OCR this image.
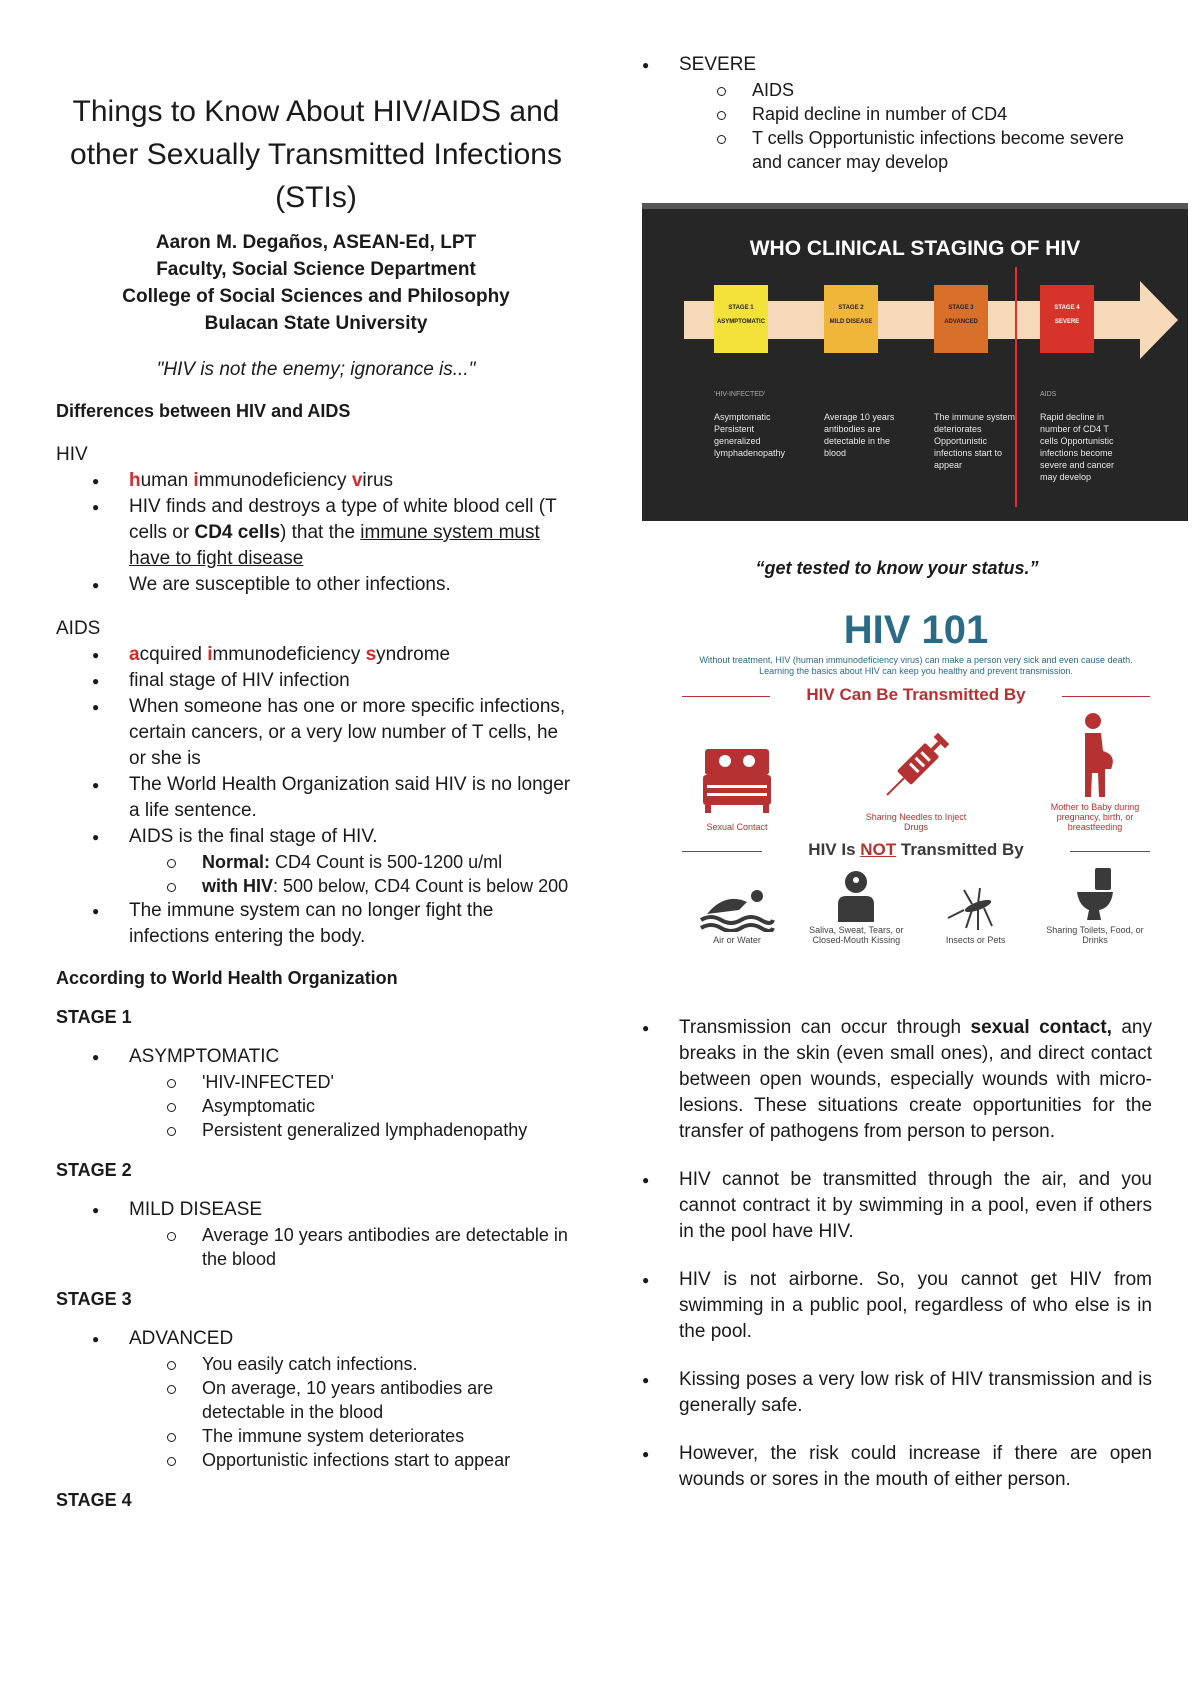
Things to Know About HIV/AIDS and other Sexually Transmitted Infections (STIs)
Aaron M. Degaños, ASEAN-Ed, LPT
Faculty, Social Science Department
College of Social Sciences and Philosophy
Bulacan State University
"HIV is not the enemy; ignorance is..."
Differences between HIV and AIDS

HIV

● human immunodeficiency virus
● HIV finds and destroys a type of white blood cell (T cells or CD4 cells) that the immune system must have to fight disease
● We are susceptible to other infections.

AIDS

● acquired immunodeficiency syndrome
● final stage of HIV infection
● When someone has one or more specific infections, certain cancers, or a very low number of T cells, he or she is
● The World Health Organization said HIV is no longer a life sentence.
● AIDS is the final stage of HIV.
Normal: CD4 Count is 500-1200 u/ml
with HIV: 500 below, CD4 Count is below 200
● The immune system can no longer fight the infections entering the body.
According to World Health Organization
STAGE 1
● ASYMPTOMATIC
'HIV-INFECTED'
Asymptomatic
Persistent generalized lymphadenopathy
STAGE 2
● MILD DISEASE
Average 10 years antibodies are detectable in the blood
STAGE 3
● ADVANCED
You easily catch infections.
On average, 10 years antibodies are detectable in the blood
The immune system deteriorates
Opportunistic infections start to appear
STAGE 4
● SEVERE
AIDS
Rapid decline in number of CD4
T cells Opportunistic infections become severe and cancer may develop
WHO CLINICAL STAGING OF HIV
STAGE 1
ASYMPTOMATIC
STAGE 2
MILD DISEASE
STAGE 3
ADVANCED
STAGE 4
SEVERE
'HIV-INFECTED'
Asymptomatic Persistent generalized lymphadenopathy
Average 10 years antibodies are detectable in the blood
The immune system deteriorates Opportunistic infections start to appear
AIDS
Rapid decline in number of CD4 T cells Opportunistic infections become severe and cancer may develop
“get tested to know your status.”
HIV 101
Without treatment, HIV (human immunodeficiency virus) can make a person very sick and even cause death. Learning the basics about HIV can keep you healthy and prevent transmission.
HIV Can Be Transmitted By
Sexual Contact
Sharing Needles to Inject Drugs
Mother to Baby during pregnancy, birth, or breastfeeding
HIV Is NOT Transmitted By
Air or Water
Saliva, Sweat, Tears, or Closed-Mouth Kissing	Insects or Pets
Sharing Toilets, Food, or Drinks
● Transmission can occur through sexual contact, any breaks in the skin (even small ones), and direct contact between open wounds, especially wounds with micro-lesions. These situations create opportunities for the transfer of pathogens from person to person.
● HIV cannot be transmitted through the air, and you cannot contract it by swimming in a pool, even if others in the pool have HIV.
● HIV is not airborne. So, you cannot get HIV from swimming in a public pool, regardless of who else is in the pool.
● Kissing poses a very low risk of HIV transmission and is generally safe.
● However, the risk could increase if there are open wounds or sores in the mouth of either person.
